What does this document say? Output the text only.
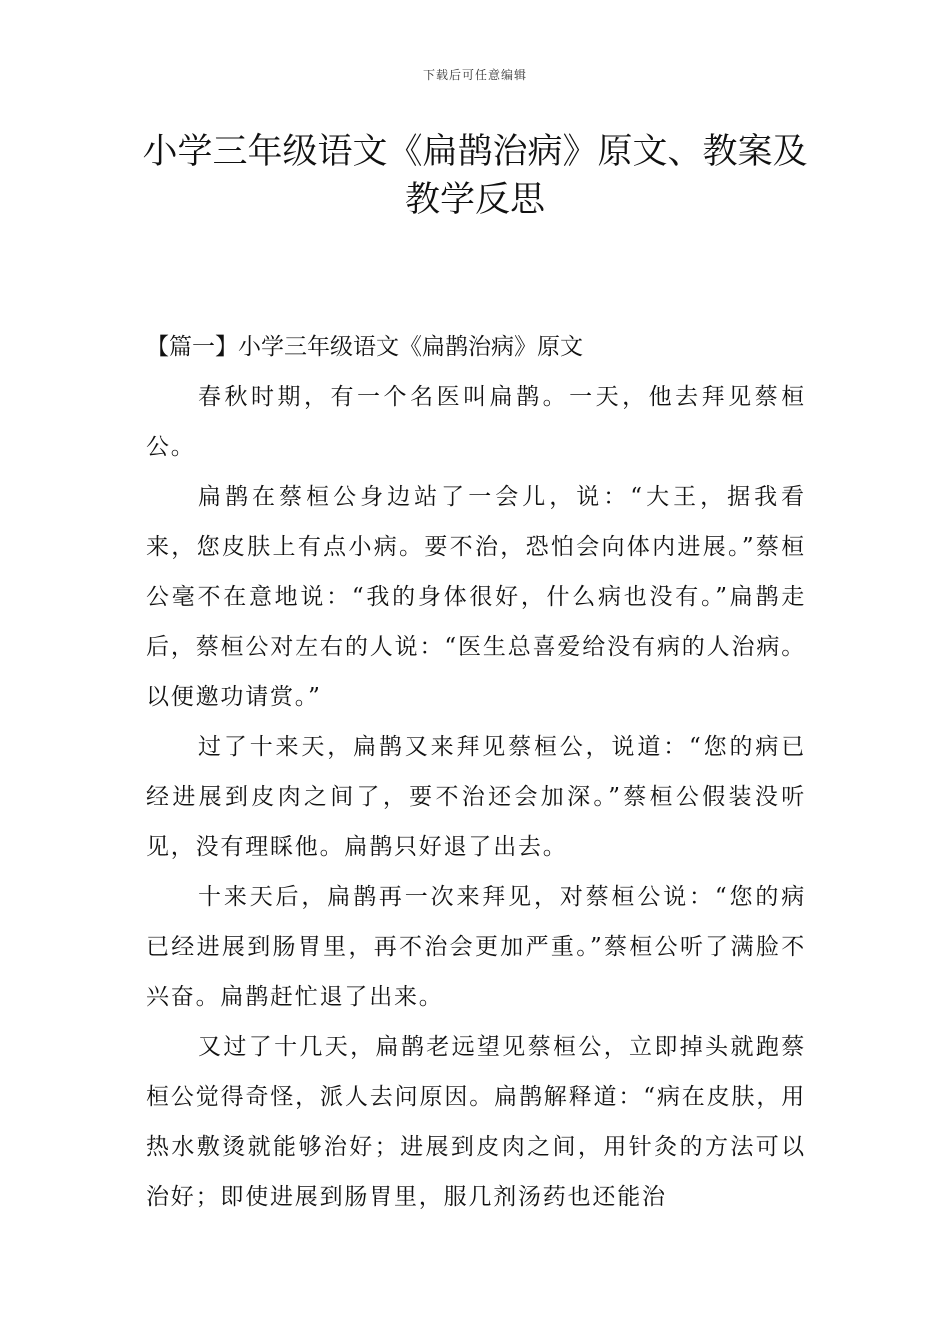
下载后可任意编辑
小学三年级语文《扁鹊治病》原文、教案及教学反思

【篇一】小学三年级语文《扁鹊治病》原文

春秋时期，有一个名医叫扁鹊。一天，他去拜见蔡桓公。

扁鹊在蔡桓公身边站了一会儿，说：“大王，据我看来，您皮肤上有点小病。要不治，恐怕会向体内进展。”蔡桓公毫不在意地说：“我的身体很好，什么病也没有。”扁鹊走后，蔡桓公对左右的人说：“医生总喜爱给没有病的人治病。以便邀功请赏。”

过了十来天，扁鹊又来拜见蔡桓公，说道：“您的病已经进展到皮肉之间了，要不治还会加深。”蔡桓公假装没听见，没有理睬他。扁鹊只好退了出去。

十来天后，扁鹊再一次来拜见，对蔡桓公说：“您的病已经进展到肠胃里，再不治会更加严重。”蔡桓公听了满脸不兴奋。扁鹊赶忙退了出来。

又过了十几天，扁鹊老远望见蔡桓公，立即掉头就跑蔡桓公觉得奇怪，派人去问原因。扁鹊解释道：“病在皮肤，用热水敷烫就能够治好；进展到皮肉之间，用针灸的方法可以治好；即使进展到肠胃里，服几剂汤药也还能治
